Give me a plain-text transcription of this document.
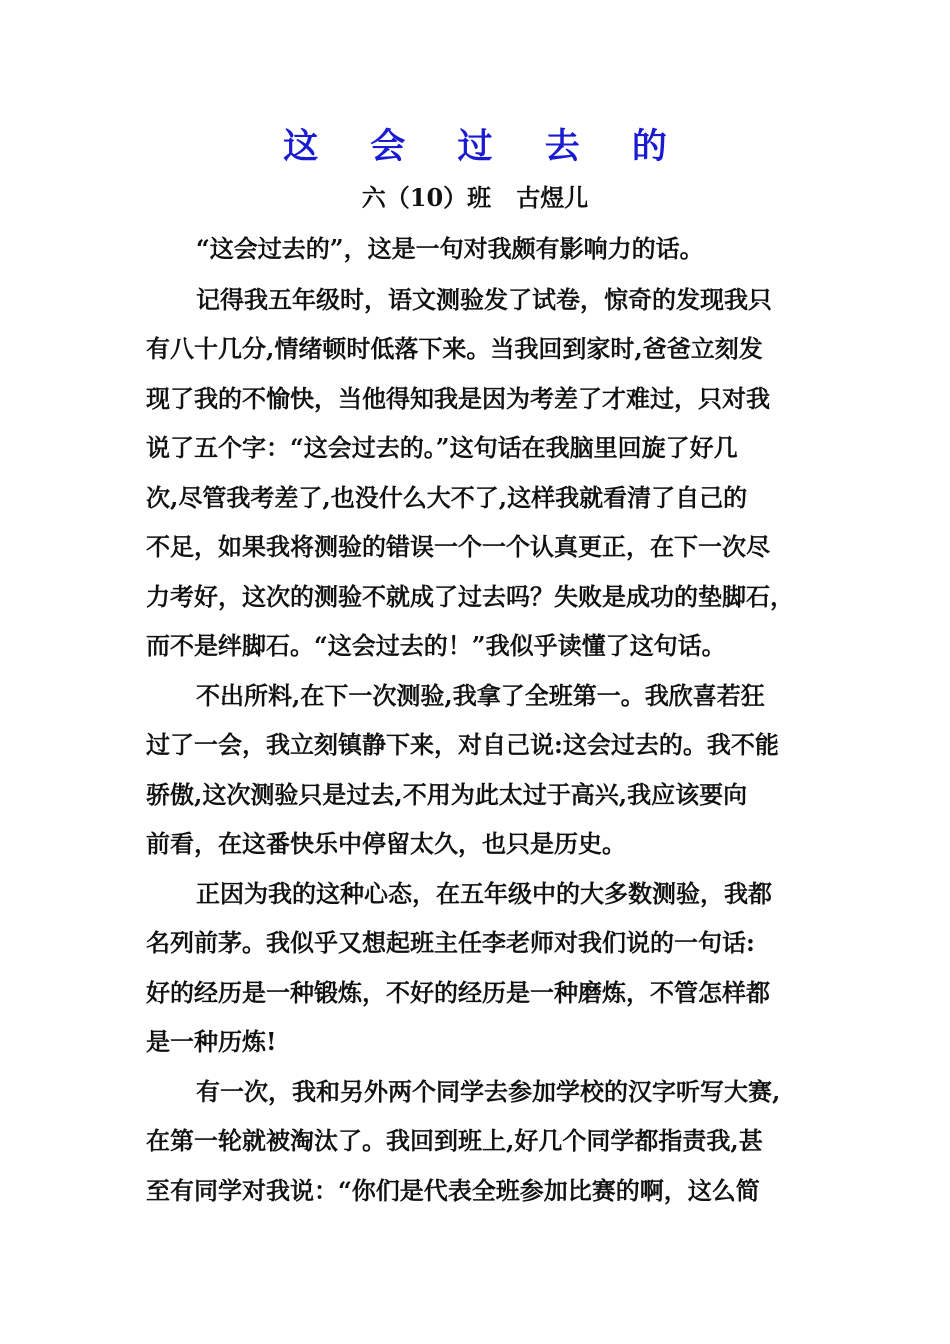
这 会 过 去 的
六（10）班   古煜儿
“这会过去的”，这是一句对我颇有影响力的话。
记得我五年级时，语文测验发了试卷，惊奇的发现我只
有八十几分,情绪顿时低落下来。当我回到家时,爸爸立刻发
现了我的不愉快，当他得知我是因为考差了才难过，只对我
说了五个字：“这会过去的。”这句话在我脑里回旋了好几
次,尽管我考差了,也没什么大不了,这样我就看清了自己的
不足，如果我将测验的错误一个一个认真更正，在下一次尽
力考好，这次的测验不就成了过去吗？失败是成功的垫脚石，
而不是绊脚石。“这会过去的！”我似乎读懂了这句话。
不出所料,在下一次测验,我拿了全班第一。我欣喜若狂
过了一会，我立刻镇静下来，对自己说:这会过去的。我不能
骄傲,这次测验只是过去,不用为此太过于高兴,我应该要向
前看，在这番快乐中停留太久，也只是历史。
正因为我的这种心态，在五年级中的大多数测验，我都
名列前茅。我似乎又想起班主任李老师对我们说的一句话:
好的经历是一种锻炼，不好的经历是一种磨炼，不管怎样都
是一种历炼!
有一次，我和另外两个同学去参加学校的汉字听写大赛,
在第一轮就被淘汰了。我回到班上,好几个同学都指责我,甚
至有同学对我说：“你们是代表全班参加比赛的啊，这么简
